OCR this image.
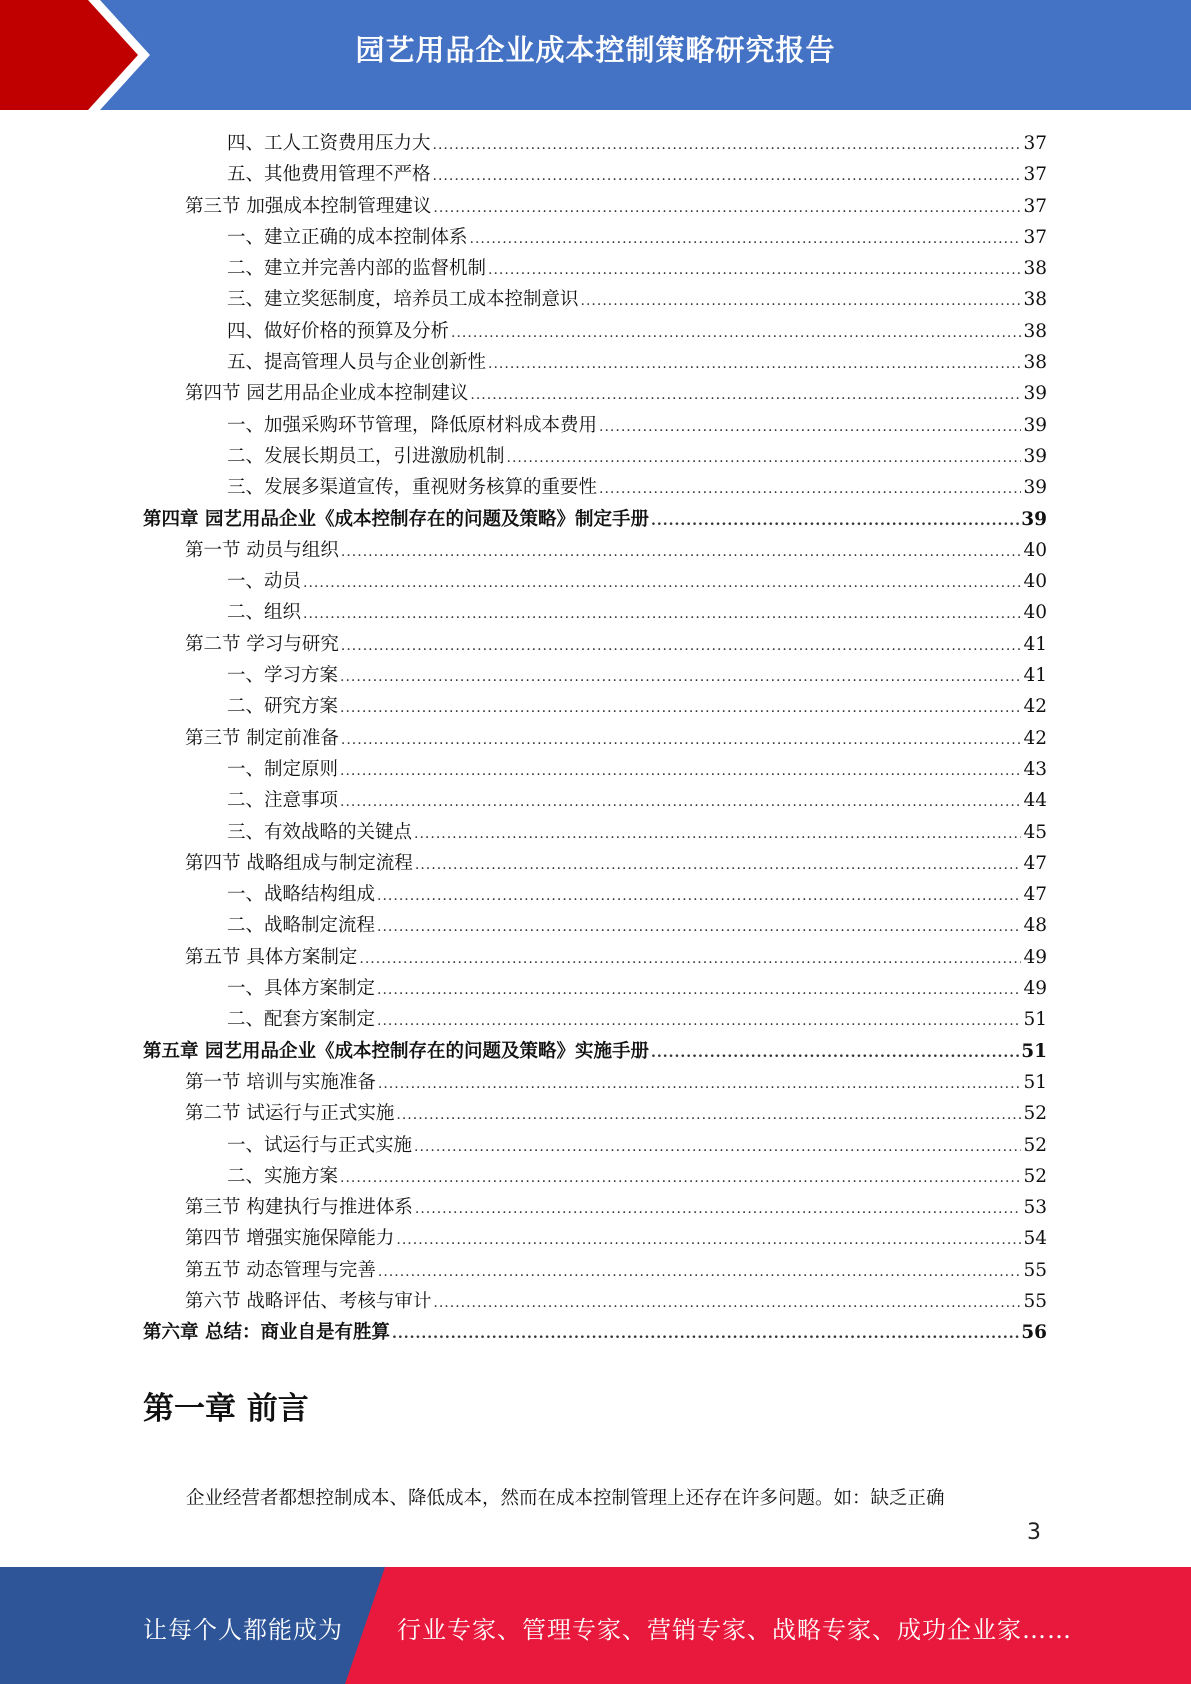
园艺用品企业成本控制策略研究报告
四、工人工资费用压力大 .....	37
五、其他费用管理不严格 .....	37
第三节 加强成本控制管理建议 .....	37
一、建立正确的成本控制体系 .....	37
二、建立并完善内部的监督机制 .....	38
三、建立奖惩制度，培养员工成本控制意识 .....	38
四、做好价格的预算及分析 .....	38
五、提高管理人员与企业创新性 .....	38
第四节 园艺用品企业成本控制建议 .....	39
一、加强采购环节管理，降低原材料成本费用 .....	39
二、发展长期员工，引进激励机制 .....	39
三、发展多渠道宣传，重视财务核算的重要性 .....	39
第四章 园艺用品企业《成本控制存在的问题及策略》制定手册 .....	39
第一节 动员与组织 .....	40
一、动员 .....	40
二、组织 .....	40
第二节 学习与研究 .....	41
一、学习方案 .....	41
二、研究方案 .....	42
第三节 制定前准备 .....	42
一、制定原则 .....	43
二、注意事项 .....	44
三、有效战略的关键点 .....	45
第四节 战略组成与制定流程 .....	47
一、战略结构组成 .....	47
二、战略制定流程 .....	48
第五节 具体方案制定 .....	49
一、具体方案制定 .....	49
二、配套方案制定 .....	51
第五章 园艺用品企业《成本控制存在的问题及策略》实施手册 .....	51
第一节 培训与实施准备 .....	51
第二节 试运行与正式实施 .....	52
一、试运行与正式实施 .....	52
二、实施方案 .....	52
第三节 构建执行与推进体系 .....	53
第四节 增强实施保障能力 .....	54
第五节 动态管理与完善 .....	55
第六节 战略评估、考核与审计 .....	55
第六章 总结：商业自是有胜算 .....	56
第一章 前言
企业经营者都想控制成本、降低成本，然而在成本控制管理上还存在许多问题。如：缺乏正确
3
让每个人都能成为 行业专家、管理专家、营销专家、战略专家、成功企业家……
